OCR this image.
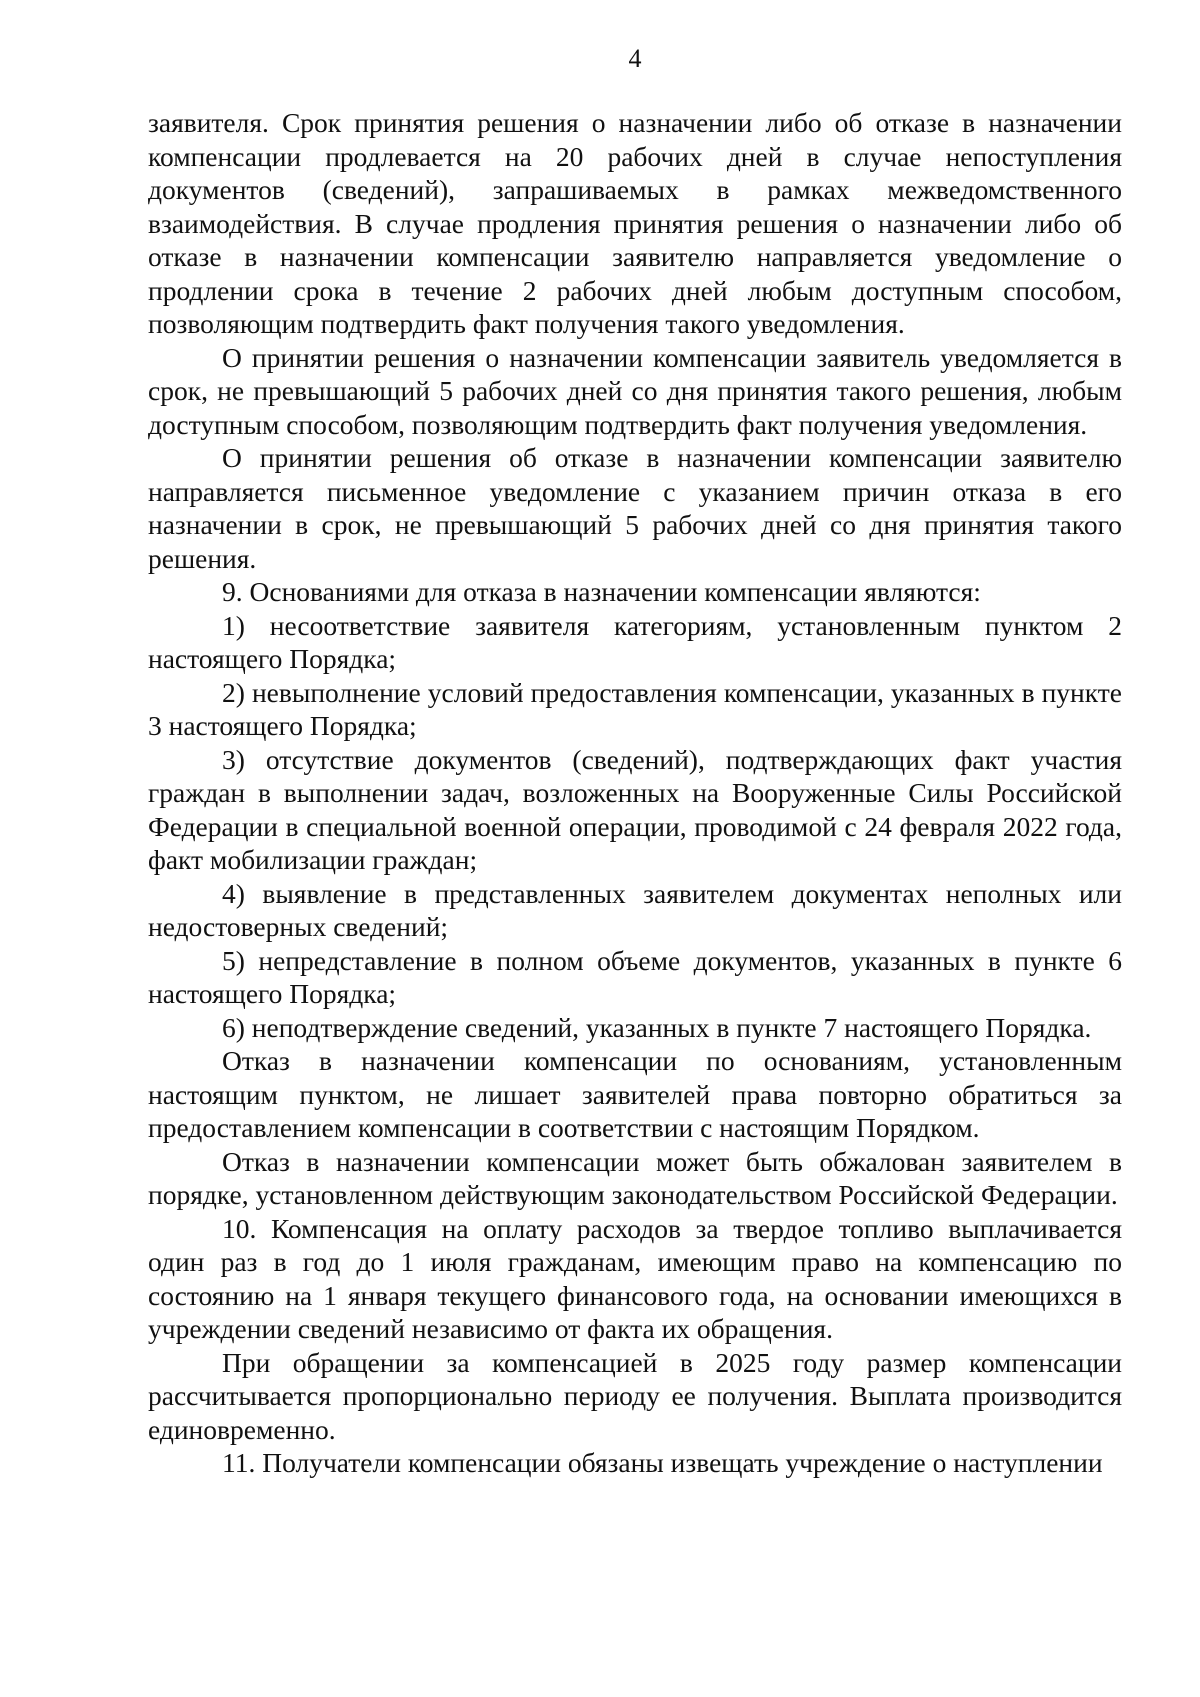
4

заявителя. Срок принятия решения о назначении либо об отказе в назначении компенсации продлевается на 20 рабочих дней в случае непоступления документов (сведений), запрашиваемых в рамках межведомственного взаимодействия. В случае продления принятия решения о назначении либо об отказе в назначении компенсации заявителю направляется уведомление о продлении срока в течение 2 рабочих дней любым доступным способом, позволяющим подтвердить факт получения такого уведомления.

О принятии решения о назначении компенсации заявитель уведомляется в срок, не превышающий 5 рабочих дней со дня принятия такого решения, любым доступным способом, позволяющим подтвердить факт получения уведомления.

О принятии решения об отказе в назначении компенсации заявителю направляется письменное уведомление с указанием причин отказа в его назначении в срок, не превышающий 5 рабочих дней со дня принятия такого решения.

9. Основаниями для отказа в назначении компенсации являются:

1) несоответствие заявителя категориям, установленным пунктом 2 настоящего Порядка;

2) невыполнение условий предоставления компенсации, указанных в пункте 3 настоящего Порядка;

3) отсутствие документов (сведений), подтверждающих факт участия граждан в выполнении задач, возложенных на Вооруженные Силы Российской Федерации в специальной военной операции, проводимой с 24 февраля 2022 года, факт мобилизации граждан;

4) выявление в представленных заявителем документах неполных или недостоверных сведений;

5) непредставление в полном объеме документов, указанных в пункте 6 настоящего Порядка;

6) неподтверждение сведений, указанных в пункте 7 настоящего Порядка.

Отказ в назначении компенсации по основаниям, установленным настоящим пунктом, не лишает заявителей права повторно обратиться за предоставлением компенсации в соответствии с настоящим Порядком.

Отказ в назначении компенсации может быть обжалован заявителем в порядке, установленном действующим законодательством Российской Федерации.

10. Компенсация на оплату расходов за твердое топливо выплачивается один раз в год до 1 июля гражданам, имеющим право на компенсацию по состоянию на 1 января текущего финансового года, на основании имеющихся в учреждении сведений независимо от факта их обращения.

При обращении за компенсацией в 2025 году размер компенсации рассчитывается пропорционально периоду ее получения. Выплата производится единовременно.

11. Получатели компенсации обязаны извещать учреждение о наступлении
